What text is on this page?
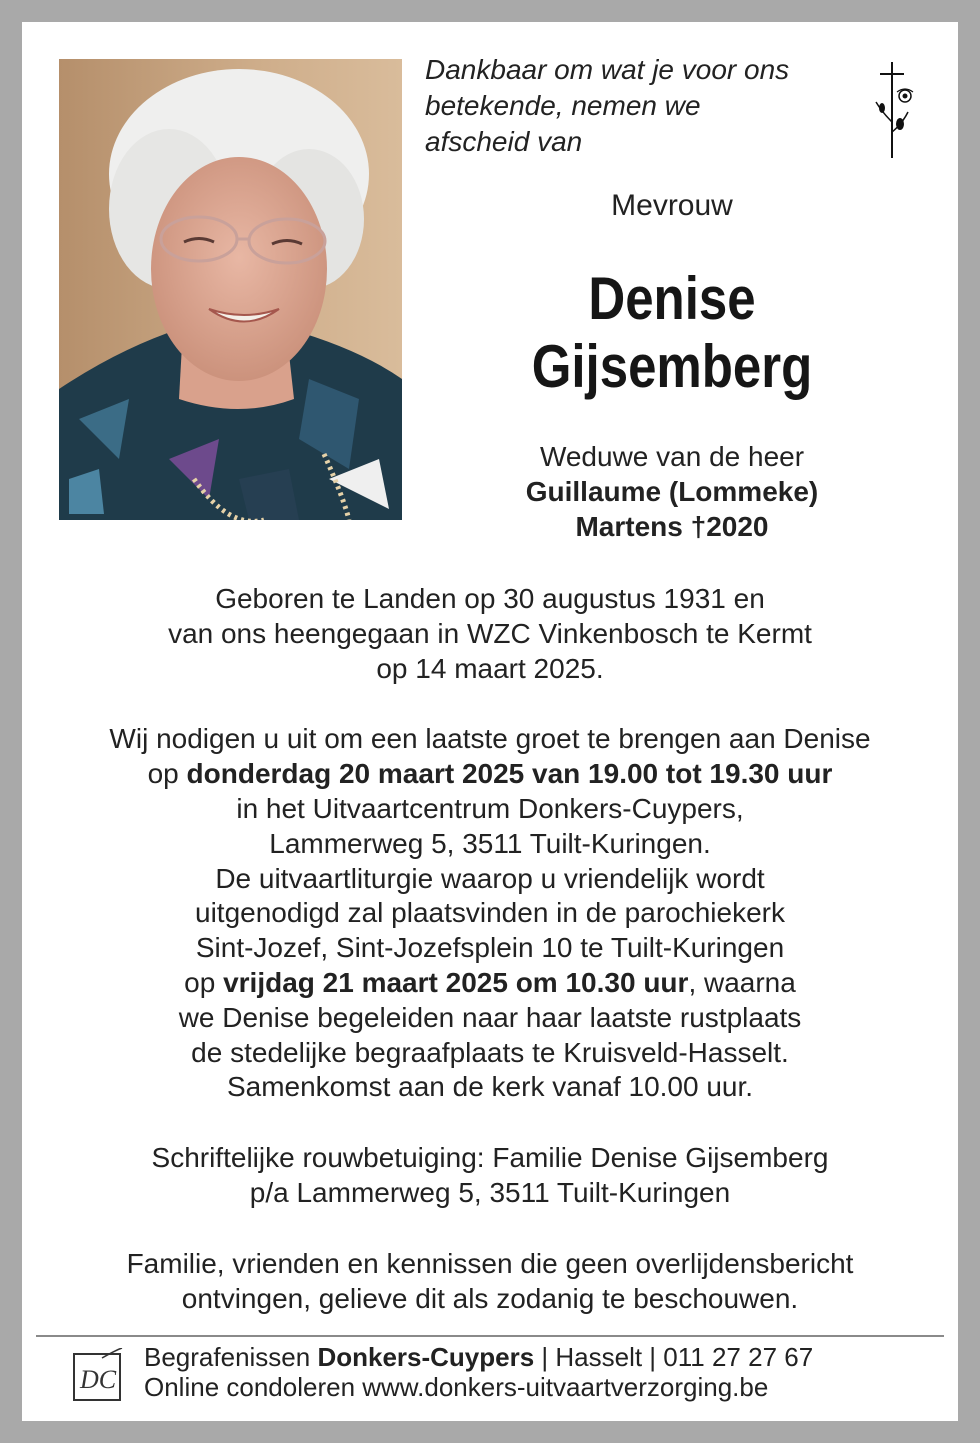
Dankbaar om wat je voor ons
betekende, nemen we
afscheid van
Mevrouw
Denise
Gijsemberg
Weduwe van de heer
Guillaume (Lommeke)
Martens †2020
Geboren te Landen op 30 augustus 1931 en
van ons heengegaan in WZC Vinkenbosch te Kermt
op 14 maart 2025.
Wij nodigen u uit om een laatste groet te brengen aan Denise
op donderdag 20 maart 2025 van 19.00 tot 19.30 uur
in het Uitvaartcentrum Donkers-Cuypers,
Lammerweg 5, 3511 Tuilt-Kuringen.
De uitvaartliturgie waarop u vriendelijk wordt
uitgenodigd zal plaatsvinden in de parochiekerk
Sint-Jozef, Sint-Jozefsplein 10 te Tuilt-Kuringen
op vrijdag 21 maart 2025 om 10.30 uur, waarna
we Denise begeleiden naar haar laatste rustplaats
de stedelijke begraafplaats te Kruisveld-Hasselt.
Samenkomst aan de kerk vanaf 10.00 uur.
Schriftelijke rouwbetuiging: Familie Denise Gijsemberg
p/a Lammerweg 5, 3511 Tuilt-Kuringen
Familie, vrienden en kennissen die geen overlijdensbericht
ontvingen, gelieve dit als zodanig te beschouwen.
DC
Begrafenissen Donkers-Cuypers | Hasselt | 011 27 27 67
Online condoleren www.donkers-uitvaartverzorging.be
